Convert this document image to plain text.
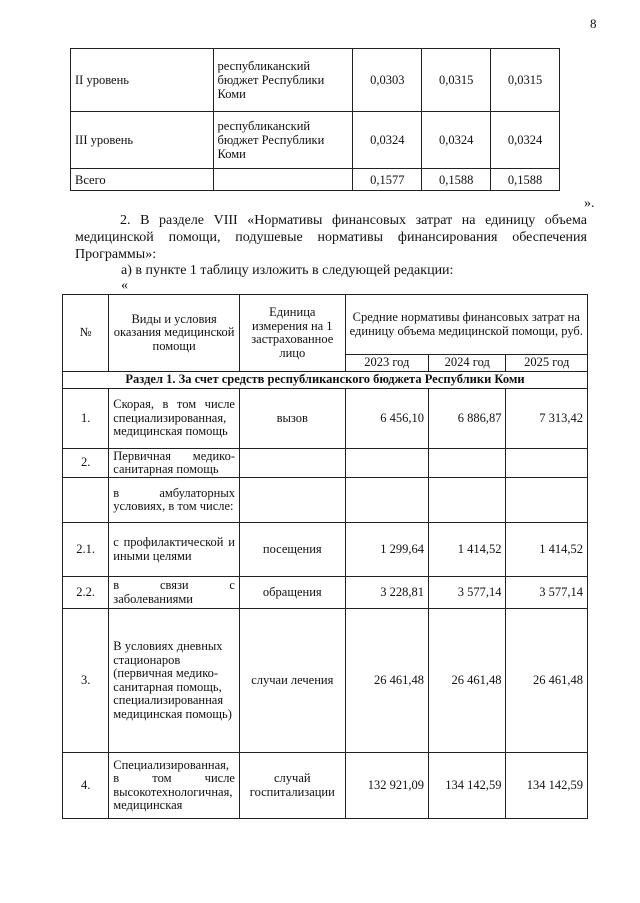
8
II уровень	республиканский бюджет Республики Коми	0,0303	0,0315	0,0315
III уровень	республиканский бюджет Республики Коми	0,0324	0,0324	0,0324
Всего		0,1577	0,1588	0,1588
».
2. В разделе VIII «Нормативы финансовых затрат на единицу объема медицинской помощи, подушевые нормативы финансирования обеспечения Программы»:
а) в пункте 1 таблицу изложить в следующей редакции:
«
№	Виды и условия оказания медицинской помощи	Единица измерения на 1 застрахованное лицо	Средние нормативы финансовых затрат на единицу объема медицинской помощи, руб.		
			2023 год	2024 год	2025 год
Раздел 1. За счет средств республиканского бюджета Республики Коми					
1.	Скорая, в том числе специализированная, медицинская помощь	вызов	6 456,10	6 886,87	7 313,42
2.	Первичная медико-санитарная помощь				
	в амбулаторных условиях, в том числе:				
2.1.	с профилактической и иными целями	посещения	1 299,64	1 414,52	1 414,52
2.2.	в связи с заболеваниями	обращения	3 228,81	3 577,14	3 577,14
3.	В условиях дневных стационаров (первичная медико-санитарная помощь, специализированная медицинская помощь)	случаи лечения	26 461,48	26 461,48	26 461,48
4.	Специализированная, в том числе высокотехнологичная, медицинская	случай госпитализации	132 921,09	134 142,59	134 142,59
